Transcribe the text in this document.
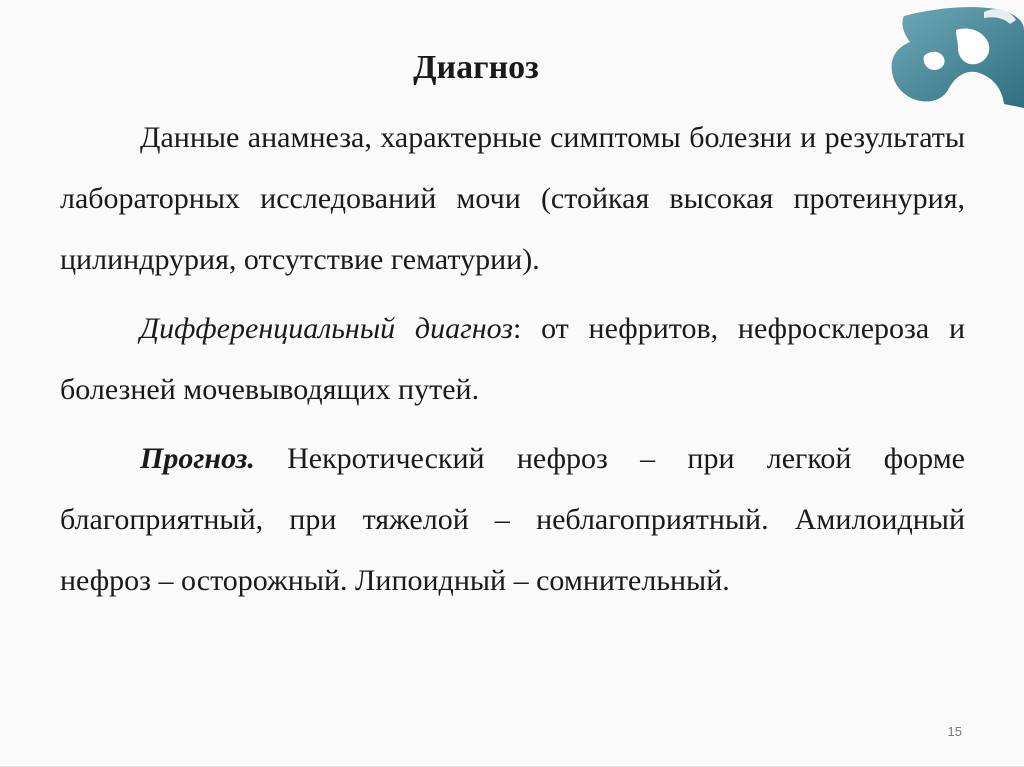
Диагноз

Данные анамнеза, характерные симптомы болезни и результаты лабораторных исследований мочи (стойкая высокая протеинурия, цилиндрурия, отсутствие гематурии).

Дифференциальный диагноз: от нефритов, нефросклероза и болезней мочевыводящих путей.

Прогноз. Некротический нефроз – при легкой форме благоприятный, при тяжелой – неблагоприятный. Амилоидный нефроз – осторожный. Липоидный – сомнительный.

15
